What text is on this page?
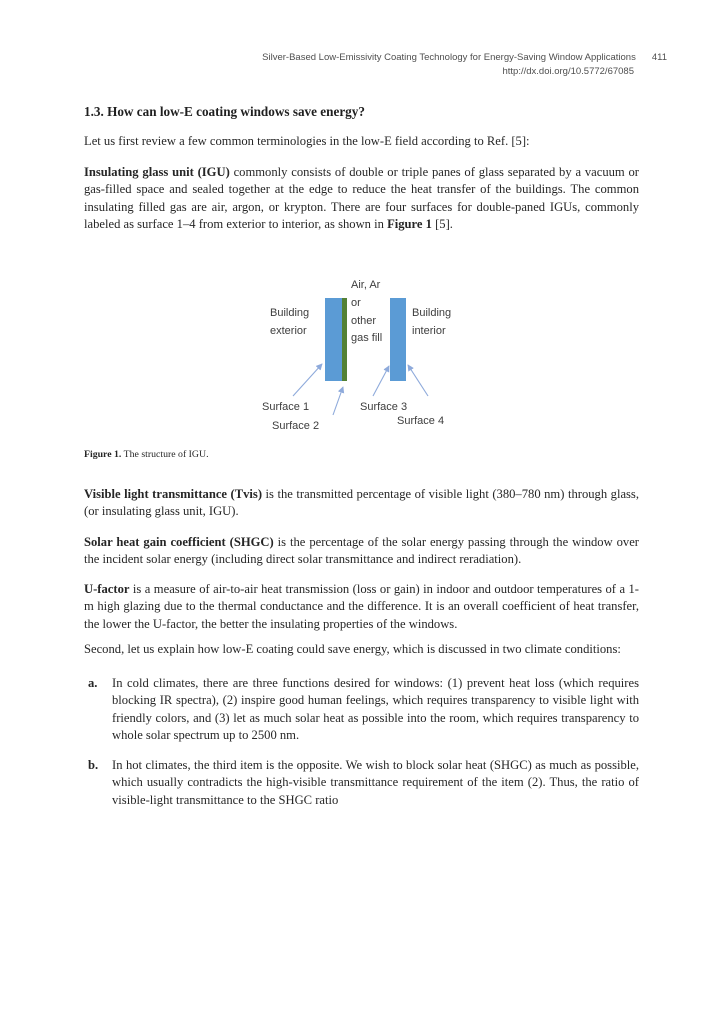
Silver-Based Low-Emissivity Coating Technology for Energy-Saving Window Applications 411
http://dx.doi.org/10.5772/67085
1.3. How can low-E coating windows save energy?

Let us first review a few common terminologies in the low-E field according to Ref. [5]:

Insulating glass unit (IGU) commonly consists of double or triple panes of glass separated by a vacuum or gas-filled space and sealed together at the edge to reduce the heat transfer of the buildings. The common insulating filled gas are air, argon, or krypton. There are four surfaces for double-paned IGUs, commonly labeled as surface 1–4 from exterior to interior, as shown in Figure 1 [5].

Building
exterior
Air, Ar
or
other
gas fill
Building
interior
Surface 1
Surface 2
Surface 3
Surface 4

Figure 1. The structure of IGU.

Visible light transmittance (Tvis) is the transmitted percentage of visible light (380–780 nm) through glass, (or insulating glass unit, IGU).

Solar heat gain coefficient (SHGC) is the percentage of the solar energy passing through the window over the incident solar energy (including direct solar transmittance and indirect reradiation).

U-factor is a measure of air-to-air heat transmission (loss or gain) in indoor and outdoor temperatures of a 1-m high glazing due to the thermal conductance and the difference. It is an overall coefficient of heat transfer, the lower the U-factor, the better the insulating properties of the windows.

Second, let us explain how low-E coating could save energy, which is discussed in two climate conditions:

a.	In cold climates, there are three functions desired for windows: (1) prevent heat loss (which requires blocking IR spectra), (2) inspire good human feelings, which requires transparency to visible light with friendly colors, and (3) let as much solar heat as possible into the room, which requires transparency to whole solar spectrum up to 2500 nm.
b.	In hot climates, the third item is the opposite. We wish to block solar heat (SHGC) as much as possible, which usually contradicts the high-visible transmittance requirement of the item (2). Thus, the ratio of visible-light transmittance to the SHGC ratio
